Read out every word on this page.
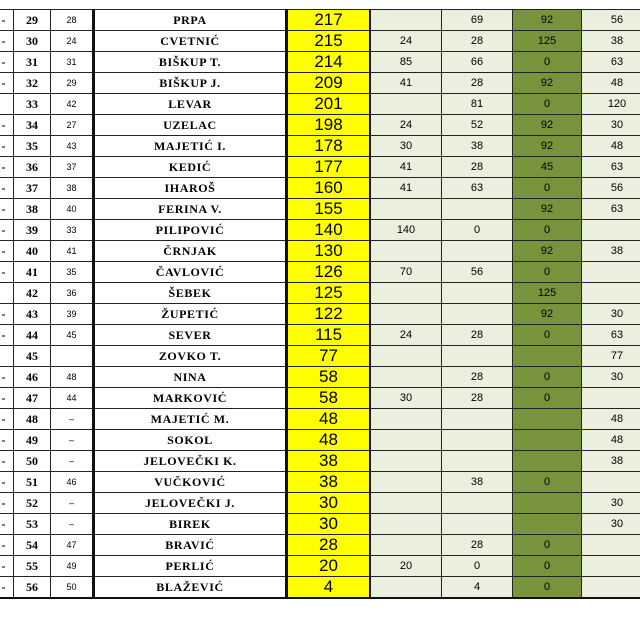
-	29	28	PRPA	217		69	92	56
-	30	24	CVETNIĆ	215	24	28	125	38
-	31	31	BIŠKUP T.	214	85	66	0	63
-	32	29	BIŠKUP J.	209	41	28	92	48
	33	42	LEVAR	201		81	0	120
-	34	27	UZELAC	198	24	52	92	30
-	35	43	MAJETIĆ I.	178	30	38	92	48
-	36	37	KEDIĆ	177	41	28	45	63
-	37	38	IHAROŠ	160	41	63	0	56
-	38	40	FERINA V.	155			92	63
-	39	33	PILIPOVIĆ	140	140	0	0	
-	40	41	ČRNJAK	130			92	38
-	41	35	ČAVLOVIĆ	126	70	56	0	
	42	36	ŠEBEK	125			125	
-	43	39	ŽUPETIĆ	122			92	30
-	44	45	SEVER	115	24	28	0	63
	45		ZOVKO T.	77				77
-	46	48	NINA	58		28	0	30
-	47	44	MARKOVIĆ	58	30	28	0	
-	48	–	MAJETIĆ M.	48				48
-	49	–	SOKOL	48				48
-	50	–	JELOVEČKI K.	38				38
-	51	46	VUČKOVIĆ	38		38	0	
-	52	–	JELOVEČKI J.	30				30
-	53	–	BIREK	30				30
-	54	47	BRAVIĆ	28		28	0	
-	55	49	PERLIĆ	20	20	0	0	
-	56	50	BLAŽEVIĆ	4		4	0	
